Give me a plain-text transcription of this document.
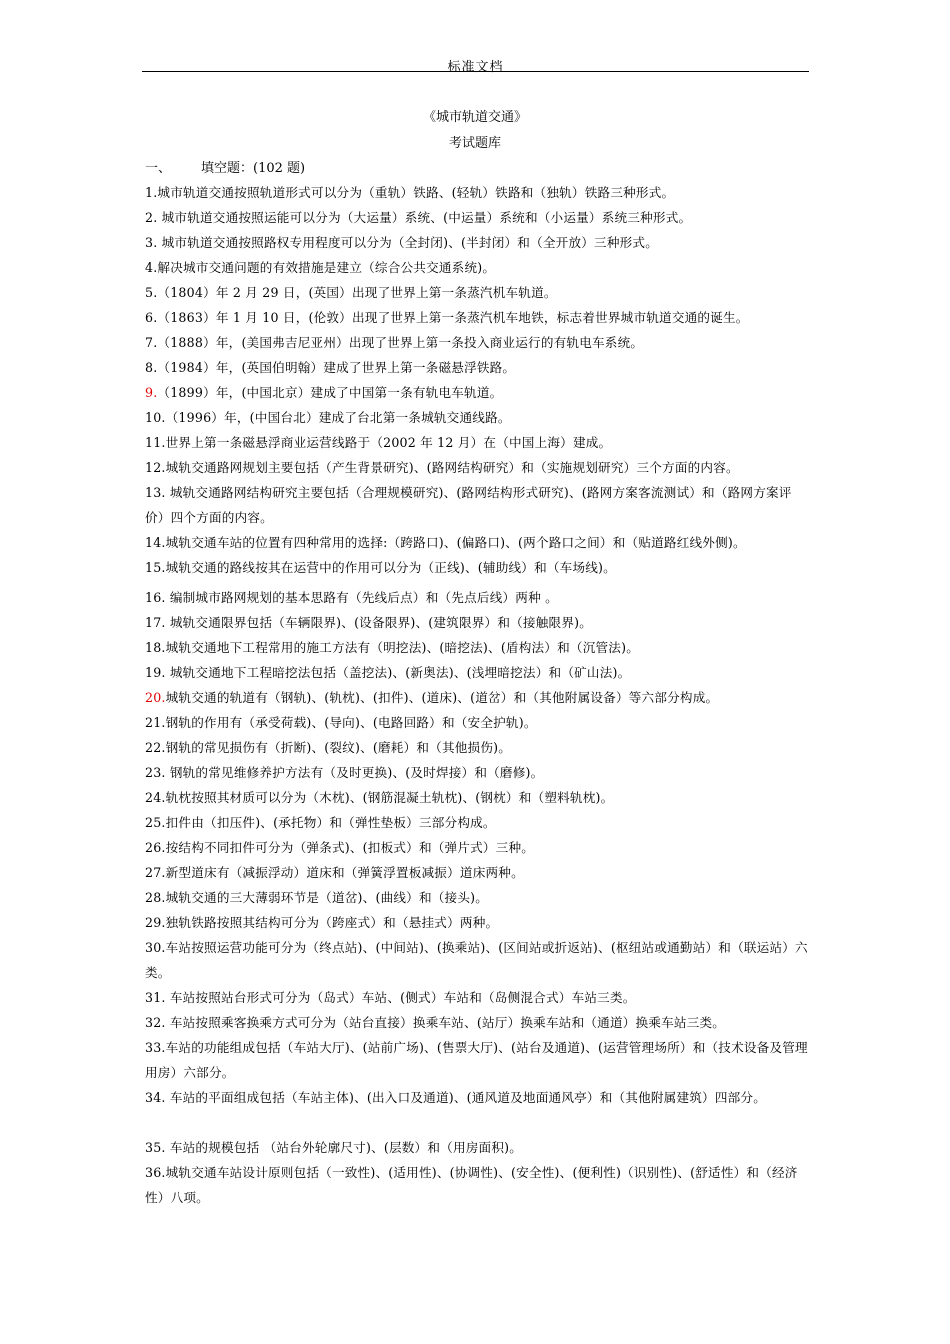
标准文档
《城市轨道交通》
考试题库
一、 填空题：(102 题)
1.城市轨道交通按照轨道形式可以分为（重轨）铁路、(轻轨）铁路和（独轨）铁路三种形式。
2. 城市轨道交通按照运能可以分为（大运量）系统、(中运量）系统和（小运量）系统三种形式。
3. 城市轨道交通按照路权专用程度可以分为（全封闭)、(半封闭）和（全开放）三种形式。
4.解决城市交通问题的有效措施是建立（综合公共交通系统)。
5.（1804）年 2 月 29 日，(英国）出现了世界上第一条蒸汽机车轨道。
6.（1863）年 1 月 10 日，(伦敦）出现了世界上第一条蒸汽机车地铁，标志着世界城市轨道交通的诞生。
7.（1888）年，(美国弗吉尼亚州）出现了世界上第一条投入商业运行的有轨电车系统。
8.（1984）年，(英国伯明翰）建成了世界上第一条磁悬浮铁路。
9.（1899）年，(中国北京）建成了中国第一条有轨电车轨道。
10.（1996）年，(中国台北）建成了台北第一条城轨交通线路。
11.世界上第一条磁悬浮商业运营线路于（2002 年 12 月）在（中国上海）建成。
12.城轨交通路网规划主要包括（产生背景研究)、(路网结构研究）和（实施规划研究）三个方面的内容。
13. 城轨交通路网结构研究主要包括（合理规模研究)、(路网结构形式研究)、(路网方案客流测试）和（路网方案评价）四个方面的内容。
14.城轨交通车站的位置有四种常用的选择:（跨路口)、(偏路口)、(两个路口之间）和（贴道路红线外侧)。
15.城轨交通的路线按其在运营中的作用可以分为（正线)、(辅助线）和（车场线)。
16. 编制城市路网规划的基本思路有（先线后点）和（先点后线）两种 。
17. 城轨交通限界包括（车辆限界)、(设备限界)、(建筑限界）和（接触限界)。
18.城轨交通地下工程常用的施工方法有（明挖法)、(暗挖法)、(盾构法）和（沉管法)。
19. 城轨交通地下工程暗挖法包括（盖挖法)、(新奥法)、(浅埋暗挖法）和（矿山法)。
20.城轨交通的轨道有（钢轨)、(轨枕)、(扣件)、(道床)、(道岔）和（其他附属设备）等六部分构成。
21.钢轨的作用有（承受荷载)、(导向)、(电路回路）和（安全护轨)。
22.钢轨的常见损伤有（折断)、(裂纹)、(磨耗）和（其他损伤)。
23. 钢轨的常见维修养护方法有（及时更换)、(及时焊接）和（磨修)。
24.轨枕按照其材质可以分为（木枕)、(钢筋混凝土轨枕)、(钢枕）和（塑料轨枕)。
25.扣件由（扣压件)、(承托物）和（弹性垫板）三部分构成。
26.按结构不同扣件可分为（弹条式)、(扣板式）和（弹片式）三种。
27.新型道床有（减振浮动）道床和（弹簧浮置板减振）道床两种。
28.城轨交通的三大薄弱环节是（道岔)、(曲线）和（接头)。
29.独轨铁路按照其结构可分为（跨座式）和（悬挂式）两种。
30.车站按照运营功能可分为（终点站)、(中间站)、(换乘站)、(区间站或折返站)、(枢纽站或通勤站）和（联运站）六类。
31. 车站按照站台形式可分为（岛式）车站、(侧式）车站和（岛侧混合式）车站三类。
32. 车站按照乘客换乘方式可分为（站台直接）换乘车站、(站厅）换乘车站和（通道）换乘车站三类。
33.车站的功能组成包括（车站大厅)、(站前广场)、(售票大厅)、(站台及通道)、(运营管理场所）和（技术设备及管理用房）六部分。
34. 车站的平面组成包括（车站主体)、(出入口及通道)、(通风道及地面通风亭）和（其他附属建筑）四部分。
35. 车站的规模包括 （站台外轮廓尺寸)、(层数）和（用房面积)。
36.城轨交通车站设计原则包括（一致性)、(适用性)、(协调性)、(安全性)、(便利性)（识别性)、(舒适性）和（经济性）八项。
